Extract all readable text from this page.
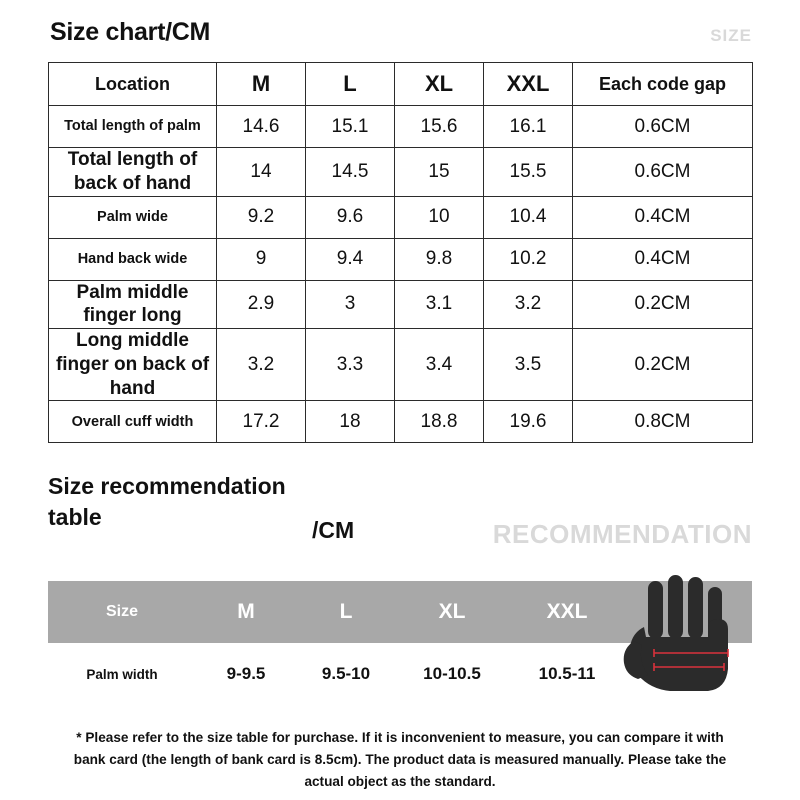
Size chart/CM	SIZE
Location	M	L	XL	XXL	Each code gap
Total length of palm	14.6	15.1	15.6	16.1	0.6CM
Total length of back of hand	14	14.5	15	15.5	0.6CM
Palm wide	9.2	9.6	10	10.4	0.4CM
Hand back wide	9	9.4	9.8	10.2	0.4CM
Palm middle finger long	2.9	3	3.1	3.2	0.2CM
Long middle finger on back of hand	3.2	3.3	3.4	3.5	0.2CM
Overall cuff width	17.2	18	18.8	19.6	0.8CM
Size recommendation table
/CM	RECOMMENDATION
Size	M	L	XL	XXL
Palm width	9-9.5	9.5-10	10-10.5	10.5-11
* Please refer to the size table for purchase. If it is inconvenient to measure, you can compare it with bank card (the length of bank card is 8.5cm). The product data is measured manually. Please take the actual object as the standard.
